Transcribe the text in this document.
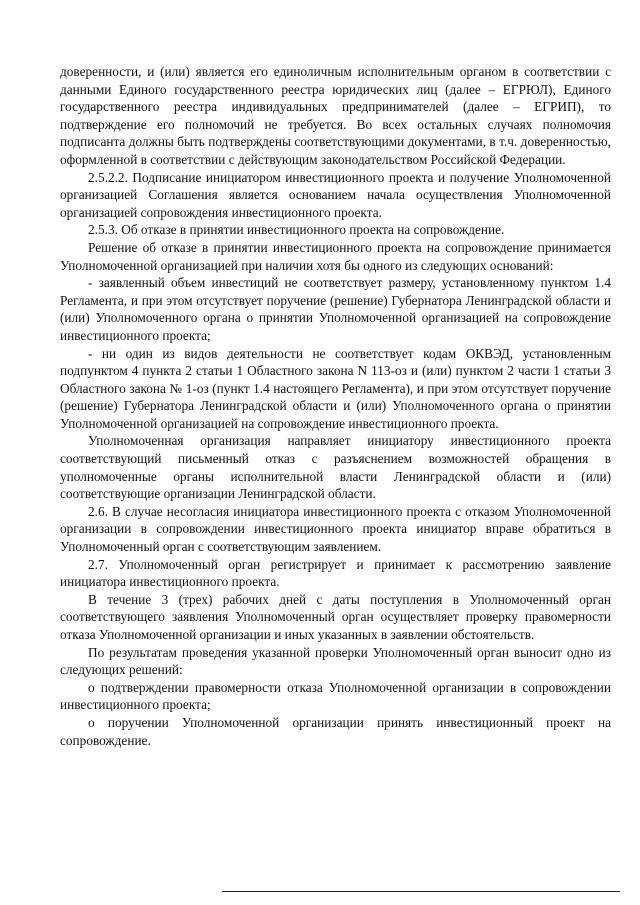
доверенности, и (или) является его единоличным исполнительным органом в соответствии с данными Единого государственного реестра юридических лиц (далее – ЕГРЮЛ), Единого государственного реестра индивидуальных предпринимателей (далее – ЕГРИП), то подтверждение его полномочий не требуется. Во всех остальных случаях полномочия подписанта должны быть подтверждены соответствующими документами, в т.ч. доверенностью, оформленной в соответствии с действующим законодательством Российской Федерации.

2.5.2.2. Подписание инициатором инвестиционного проекта и получение Уполномоченной организацией Соглашения является основанием начала осуществления Уполномоченной организацией сопровождения инвестиционного проекта.

2.5.3. Об отказе в принятии инвестиционного проекта на сопровождение.

Решение об отказе в принятии инвестиционного проекта на сопровождение принимается Уполномоченной организацией при наличии хотя бы одного из следующих оснований:

- заявленный объем инвестиций не соответствует размеру, установленному пунктом 1.4 Регламента, и при этом отсутствует поручение (решение) Губернатора Ленинградской области и (или) Уполномоченного органа о принятии Уполномоченной организацией на сопровождение инвестиционного проекта;

- ни один из видов деятельности не соответствует кодам ОКВЭД, установленным подпунктом 4 пункта 2 статьи 1 Областного закона N 113-оз и (или) пунктом 2 части 1 статьи 3 Областного закона № 1-оз (пункт 1.4 настоящего Регламента), и при этом отсутствует поручение (решение) Губернатора Ленинградской области и (или) Уполномоченного органа о принятии Уполномоченной организацией на сопровождение инвестиционного проекта.

Уполномоченная организация направляет инициатору инвестиционного проекта соответствующий письменный отказ с разъяснением возможностей обращения в уполномоченные органы исполнительной власти Ленинградской области и (или) соответствующие организации Ленинградской области.

2.6. В случае несогласия инициатора инвестиционного проекта с отказом Уполномоченной организации в сопровождении инвестиционного проекта инициатор вправе обратиться в Уполномоченный орган с соответствующим заявлением.

2.7. Уполномоченный орган регистрирует и принимает к рассмотрению заявление инициатора инвестиционного проекта.

В течение 3 (трех) рабочих дней с даты поступления в Уполномоченный орган соответствующего заявления Уполномоченный орган осуществляет проверку правомерности отказа Уполномоченной организации и иных указанных в заявлении обстоятельств.

По результатам проведения указанной проверки Уполномоченный орган выносит одно из следующих решений:

о подтверждении правомерности отказа Уполномоченной организации в сопровождении инвестиционного проекта;

о поручении Уполномоченной организации принять инвестиционный проект на сопровождение.
